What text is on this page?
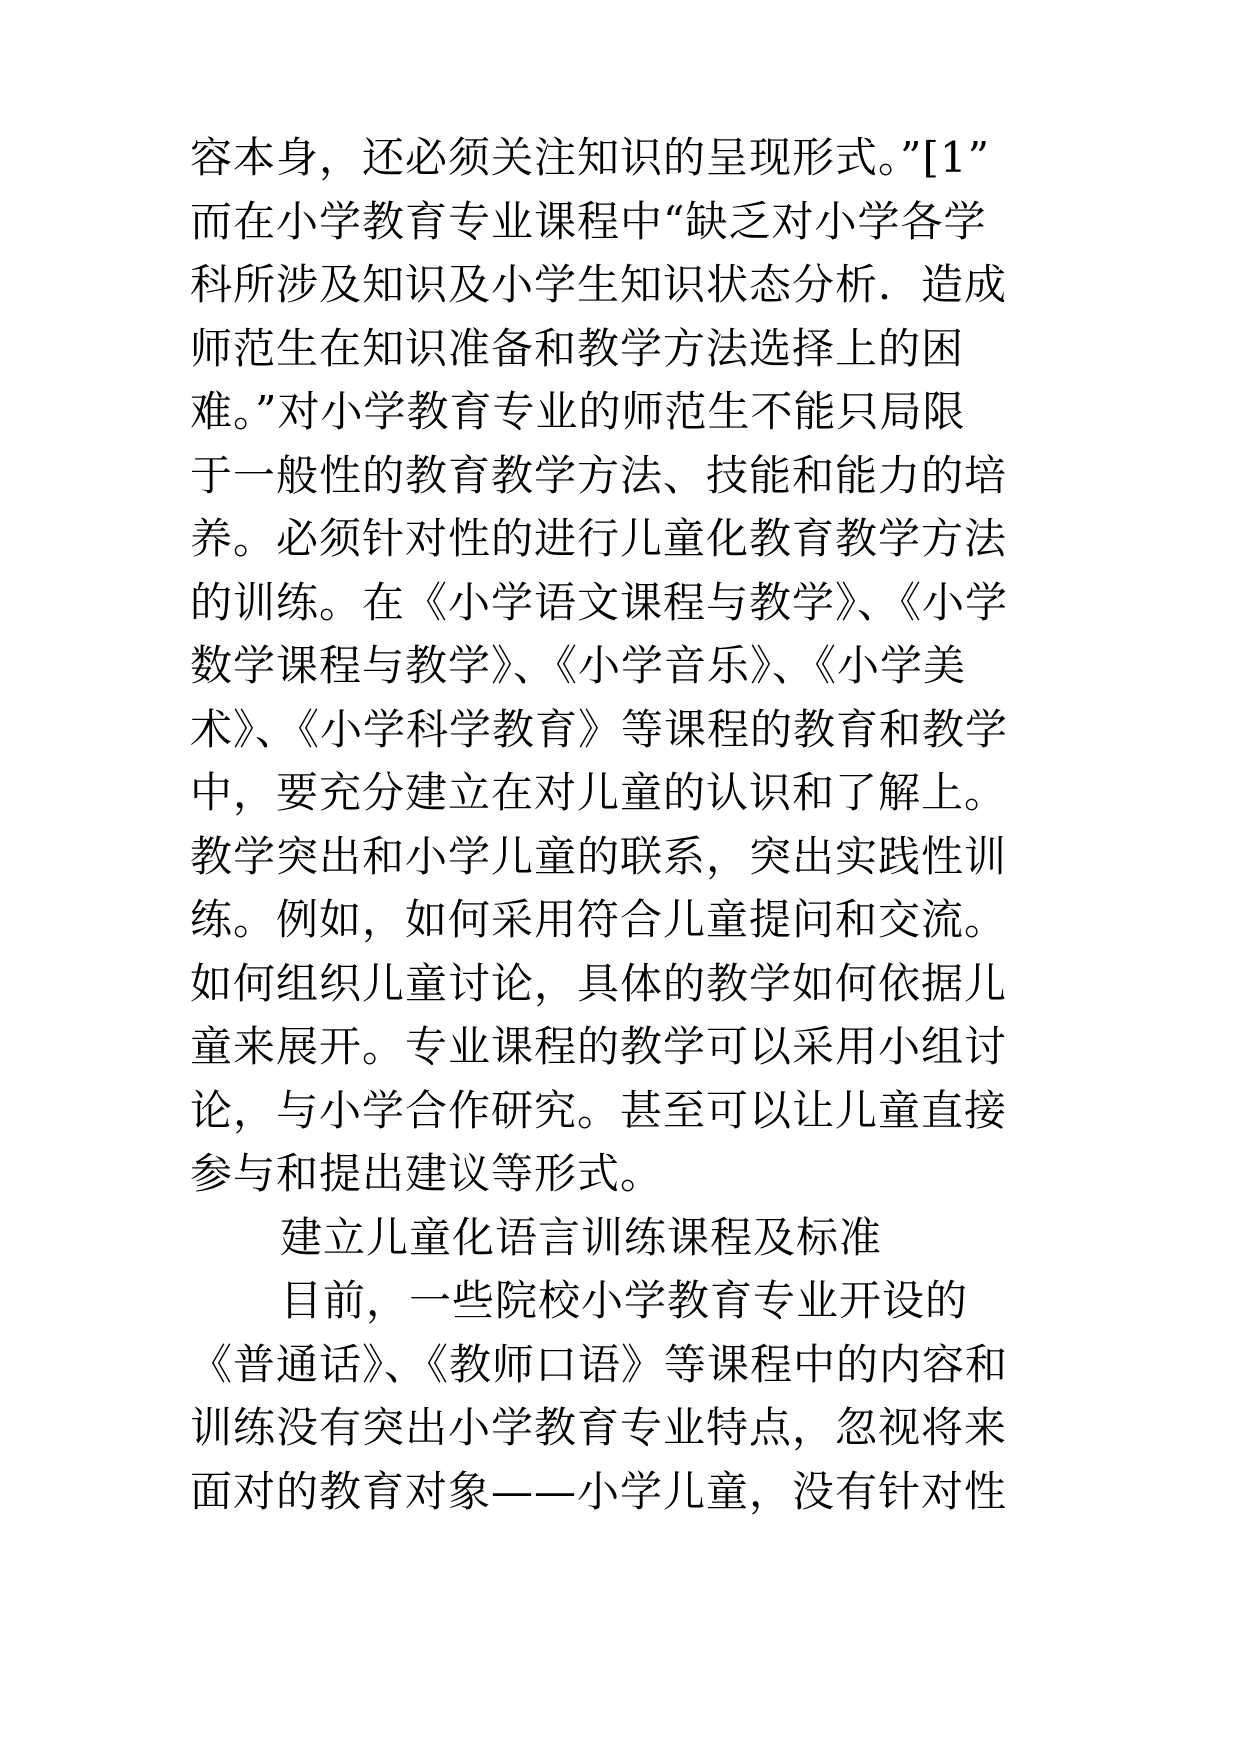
容本身，还必须关注知识的呈现形式。”[1”
而在小学教育专业课程中“缺乏对小学各学
科所涉及知识及小学生知识状态分析．造成
师范生在知识准备和教学方法选择上的困
难。”对小学教育专业的师范生不能只局限
于一般性的教育教学方法、技能和能力的培
养。必须针对性的进行儿童化教育教学方法
的训练。在《小学语文课程与教学》、《小学
数学课程与教学》、《小学音乐》、《小学美
术》、《小学科学教育》等课程的教育和教学
中，要充分建立在对儿童的认识和了解上。
教学突出和小学儿童的联系，突出实践性训
练。例如，如何采用符合儿童提问和交流。
如何组织儿童讨论，具体的教学如何依据儿
童来展开。专业课程的教学可以采用小组讨
论，与小学合作研究。甚至可以让儿童直接
参与和提出建议等形式。
建立儿童化语言训练课程及标准
目前，一些院校小学教育专业开设的
《普通话》、《教师口语》等课程中的内容和
训练没有突出小学教育专业特点，忽视将来
面对的教育对象——小学儿童，没有针对性
